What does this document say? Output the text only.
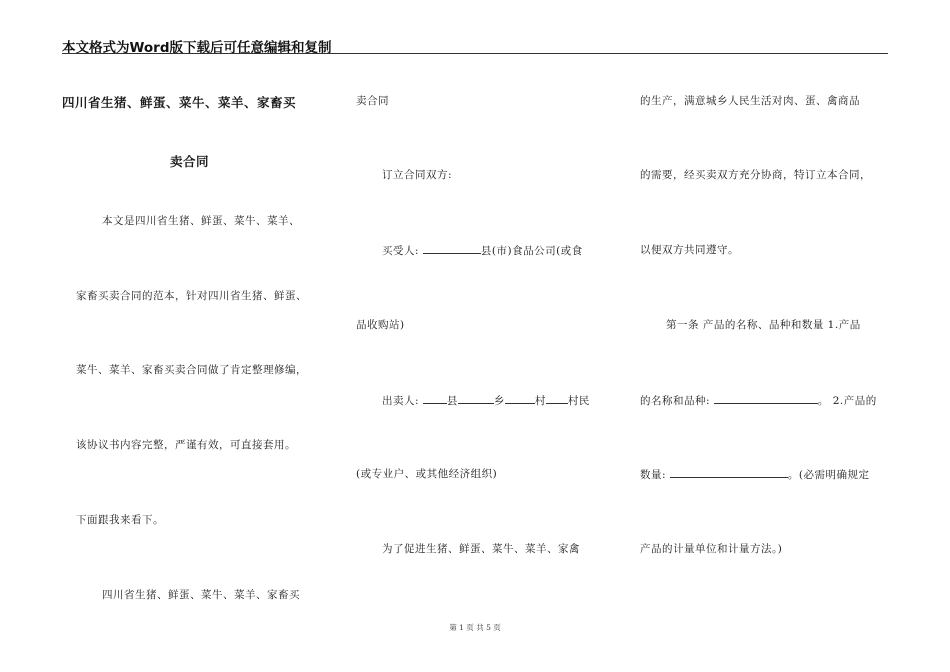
本文格式为Word版下载后可任意编辑和复制
四川省生猪、鲜蛋、菜牛、菜羊、家畜买
卖合同
本文是四川省生猪、鲜蛋、菜牛、菜羊、
家畜买卖合同的范本，针对四川省生猪、鲜蛋、
菜牛、菜羊、家畜买卖合同做了肯定整理修编，
该协议书内容完整，严谨有效，可直接套用。
下面跟我来看下。
四川省生猪、鲜蛋、菜牛、菜羊、家畜买
卖合同
订立合同双方:
买受人:	县(市)食品公司(或食
品收购站)
出卖人:	县	乡	村 村民
(或专业户、或其他经济组织)
为了促进生猪、鲜蛋、菜牛、菜羊、家禽
的生产，满意城乡人民生活对肉、蛋、禽商品
的需要，经买卖双方充分协商，特订立本合同，
以便双方共同遵守。
第一条 产品的名称、品种和数量 1.产品
的名称和品种:	。 2.产品的
数量:	。(必需明确规定
产品的计量单位和计量方法。)
第 1 页 共 5 页
